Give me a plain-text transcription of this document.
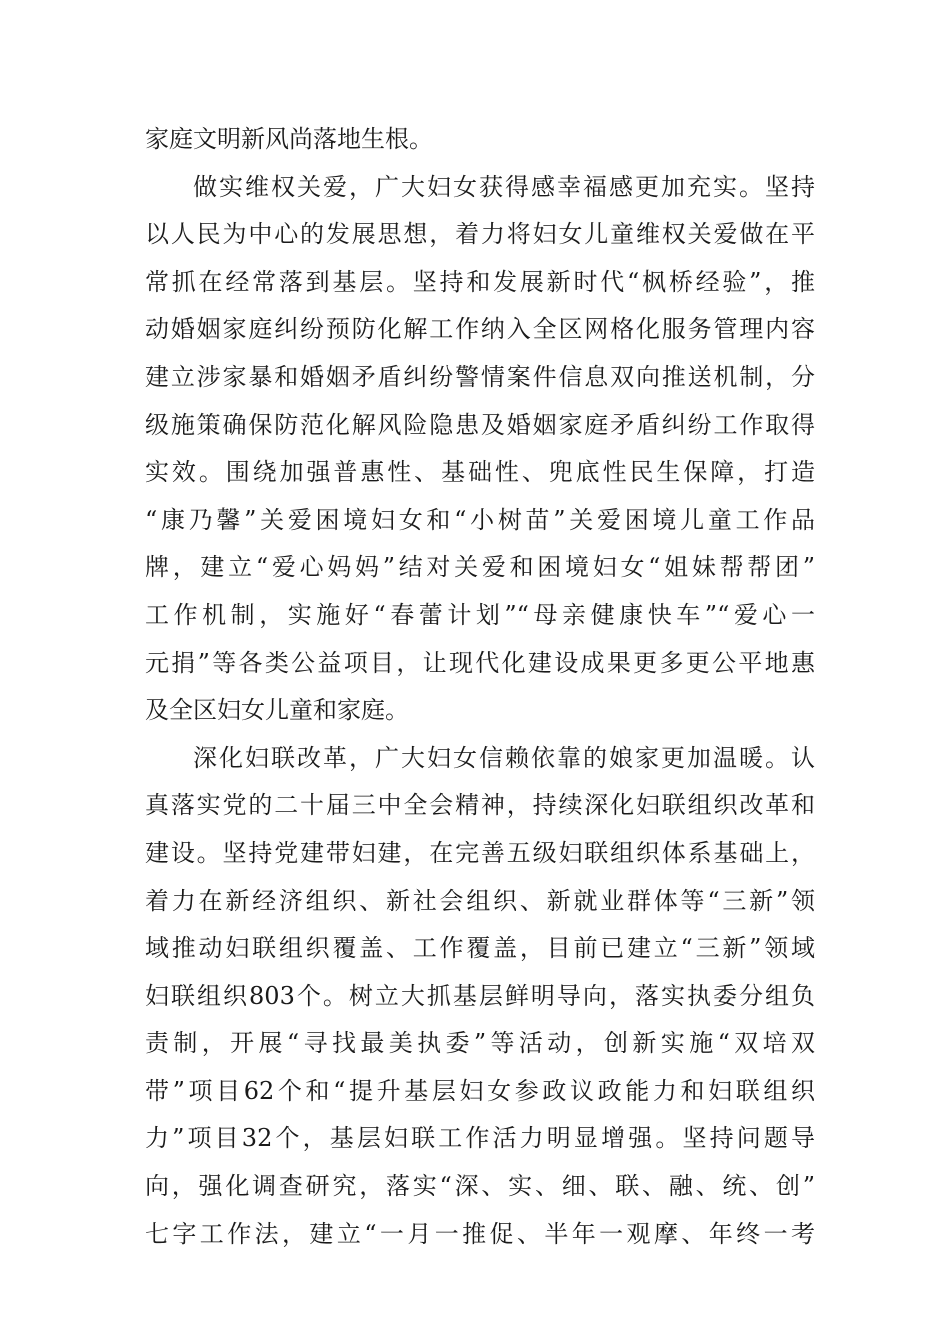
家庭文明新风尚落地生根。
做实维权关爱，广大妇女获得感幸福感更加充实。坚持
以人民为中心的发展思想，着力将妇女儿童维权关爱做在平
常抓在经常落到基层。坚持和发展新时代“枫桥经验”，推
动婚姻家庭纠纷预防化解工作纳入全区网格化服务管理内容
建立涉家暴和婚姻矛盾纠纷警情案件信息双向推送机制，分
级施策确保防范化解风险隐患及婚姻家庭矛盾纠纷工作取得
实效。围绕加强普惠性、基础性、兜底性民生保障，打造
“康乃馨”关爱困境妇女和“小树苗”关爱困境儿童工作品
牌，建立“爱心妈妈”结对关爱和困境妇女“姐妹帮帮团”
工作机制，实施好“春蕾计划”“母亲健康快车”“爱心一
元捐”等各类公益项目，让现代化建设成果更多更公平地惠
及全区妇女儿童和家庭。
深化妇联改革，广大妇女信赖依靠的娘家更加温暖。认
真落实党的二十届三中全会精神，持续深化妇联组织改革和
建设。坚持党建带妇建，在完善五级妇联组织体系基础上，
着力在新经济组织、新社会组织、新就业群体等“三新”领
域推动妇联组织覆盖、工作覆盖，目前已建立“三新”领域
妇联组织803个。树立大抓基层鲜明导向，落实执委分组负
责制，开展“寻找最美执委”等活动，创新实施“双培双
带”项目62个和“提升基层妇女参政议政能力和妇联组织
力”项目32个，基层妇联工作活力明显增强。坚持问题导
向，强化调查研究，落实“深、实、细、联、融、统、创”
七字工作法，建立“一月一推促、半年一观摩、年终一考
